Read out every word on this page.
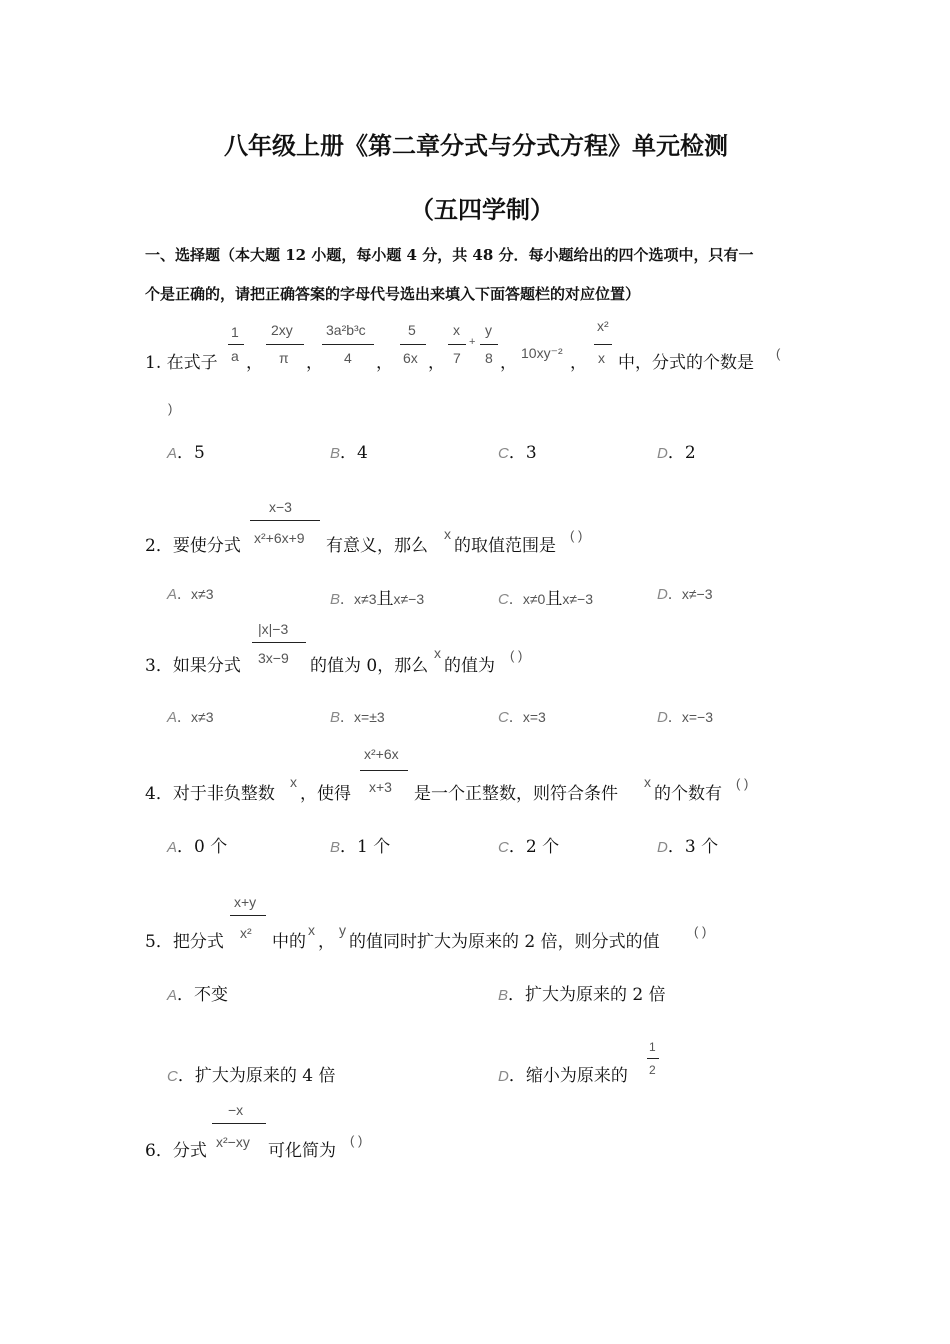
八年级上册《第二章分式与分式方程》单元检测
（五四学制）
一、选择题（本大题 12 小题，每小题 4 分，共 48 分．每小题给出的四个选项中，只有一
个是正确的，请把正确答案的字母代号选出来填入下面答题栏的对应位置）
1. 在式子
1
a ，
2xy
π ，
3a²b³c
4 ，
5
6x ，
x
7
+
y
8 ， 10xy⁻² ，
x²
x 中，分式的个数是 (
)
A．5	B．4	C．3	D．2
2．要使分式
x−3
x²+6x+9 有意义，那么
x
的取值范围是
( )
A．x≠3	B．x≠3且x≠−3	C．x≠0且x≠−3	D．x≠−3
3．如果分式
|x|−3
3x−9 的值为 0，那么
x
的值为
( )
A．x≠3	B．x=±3	C．x=3	D．x=−3
4．对于非负整数
x
，使得
x²+6x
x+3 是一个正整数，则符合条件
x
的个数有
( )
A．0 个	B．1 个	C．2 个	D．3 个
5．把分式
x+y
x² 中的
x
，
y
的值同时扩大为原来的 2 倍，则分式的值
( )
A．不变	B．扩大为原来的 2 倍
C．扩大为原来的 4 倍	D．缩小为原来的
1
2
6．分式
−x
x²−xy 可化简为
( )
